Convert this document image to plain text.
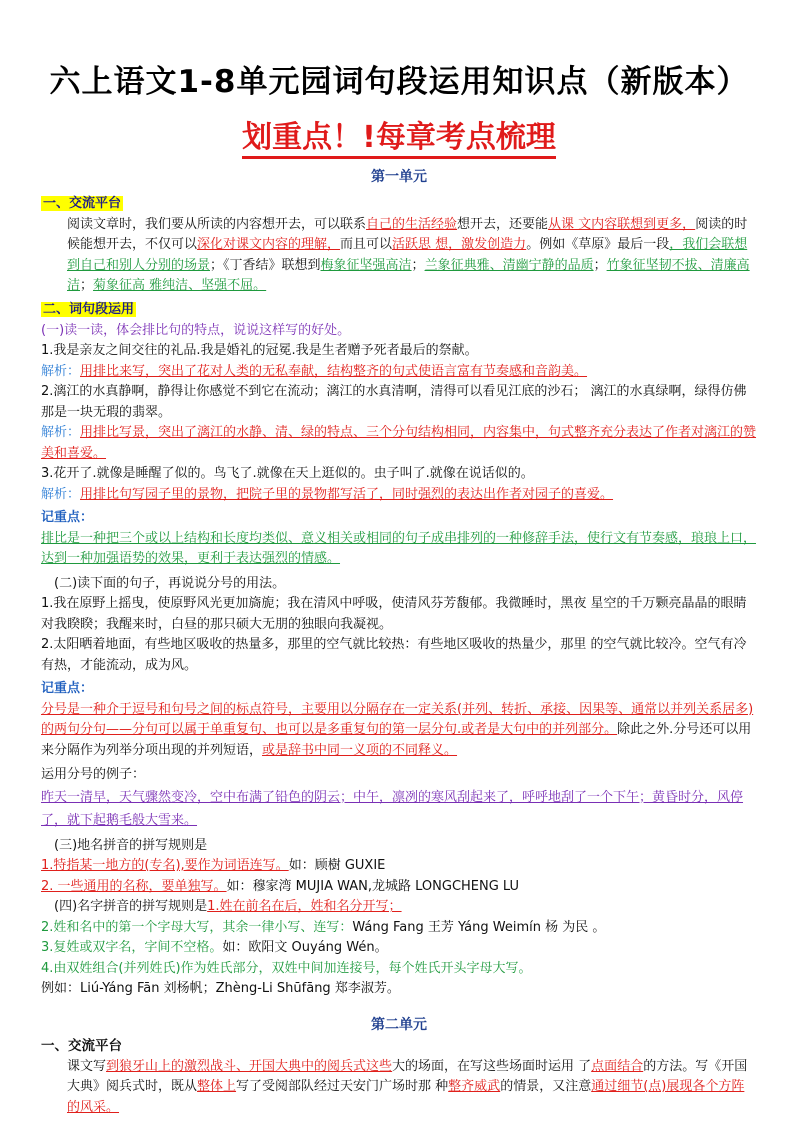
六上语文1-8单元园词句段运用知识点（新版本）
划重点！!每章考点梳理
第一单元
一、交流平台
阅读文章时，我们要从所读的内容想开去，可以联系自己的生活经验想开去，还要能从课 文内容联想到更多，阅读的时候能想开去，不仅可以深化对课文内容的理解，而且可以活跃思 想，激发创造力。例如《草原》最后一段，我们会联想到自己和别人分别的场景；《丁香结》联想到梅象征坚强高洁；兰象征典雅、清幽宁静的品质；竹象征坚韧不拔、清廉高洁；菊象征高 雅纯洁、坚强不屈。
二、词句段运用
(一)读一读，体会排比句的特点，说说这样写的好处。
1.我是亲友之间交往的礼品.我是婚礼的冠冕.我是生者赠予死者最后的祭献。
解析：用排比来写，突出了花对人类的无私奉献，结构整齐的句式使语言富有节奏感和音韵美。
2.漓江的水真静啊，静得让你感觉不到它在流动；漓江的水真清啊，清得可以看见江底的沙石； 漓江的水真绿啊，绿得仿佛那是一块无瑕的翡翠。
解析：用排比写景，突出了漓江的水静、清、绿的特点、三个分句结构相同，内容集中，句式整齐充分表达了作者对漓江的赞美和喜爱。
3.花开了.就像是睡醒了似的。鸟飞了.就像在天上逛似的。虫子叫了.就像在说话似的。
解析：用排比句写园子里的景物，把院子里的景物都写活了，同时强烈的表达出作者对园子的喜爱。
记重点：
排比是一种把三个或以上结构和长度均类似、意义相关或相同的句子成串排列的一种修辞手法，使行文有节奏感，琅琅上口，达到一种加强语势的效果，更利于表达强烈的情感。
(二)读下面的句子，再说说分号的用法。
1.我在原野上摇曳，使原野风光更加旖旎；我在清风中呼吸，使清风芬芳馥郁。我微睡时，黑夜 星空的千万颗亮晶晶的眼睛对我睽睽；我醒来时，白昼的那只硕大无朋的独眼向我凝视。
2.太阳晒着地面，有些地区吸收的热量多，那里的空气就比较热：有些地区吸收的热量少，那里 的空气就比较冷。空气有冷有热，才能流动，成为风。
记重点：
分号是一种介于逗号和句号之间的标点符号，主要用以分隔存在一定关系(并列、转折、承接、因果等、通常以并列关系居多)的两句分句——分句可以属于单重复句、也可以是多重复句的第一层分句.或者是大句中的并列部分。除此之外.分号还可以用来分隔作为列举分项出现的并列短语，或是辞书中同一义项的不同释义。
运用分号的例子：
昨天一清早，天气骤然变冷，空中布满了铅色的阴云；中午，凛冽的寒风刮起来了，呼呼地刮了一个下午；黄昏时分，风停了，就下起鹅毛般大雪来。
(三)地名拼音的拼写规则是
1.特指某一地方的(专名),要作为词语连写。如：顾樹 GUXIE
2. 一些通用的名称，要单独写。如：穆家湾 MUJIA WAN,龙城路 LONGCHENG LU
(四)名字拼音的拼写规则是1.姓在前名在后，姓和名分开写；
2.姓和名中的第一个字母大写，其余一律小写、连写：Wáng Fang 王芳 Yáng Weimín 杨 为民 。
3.复姓或双字名，字间不空格。如：欧阳文 Ouyáng Wén。
4.由双姓组合(并列姓氏)作为姓氏部分，双姓中间加连接号，每个姓氏开头字母大写。
例如：Liú-Yáng Fān 刘杨帆；Zhèng-Li Shūfāng 郑李淑芳。
第二单元
一、交流平台
课文写到狼牙山上的激烈战斗、开国大典中的阅兵式这些大的场面，在写这些场面时运用 了点面结合的方法。写《开国大典》阅兵式时，既从整体上写了受阅部队经过天安门广场时那 种整齐威武的情景，又注意通过细节(点)展现各个方阵的风采。
